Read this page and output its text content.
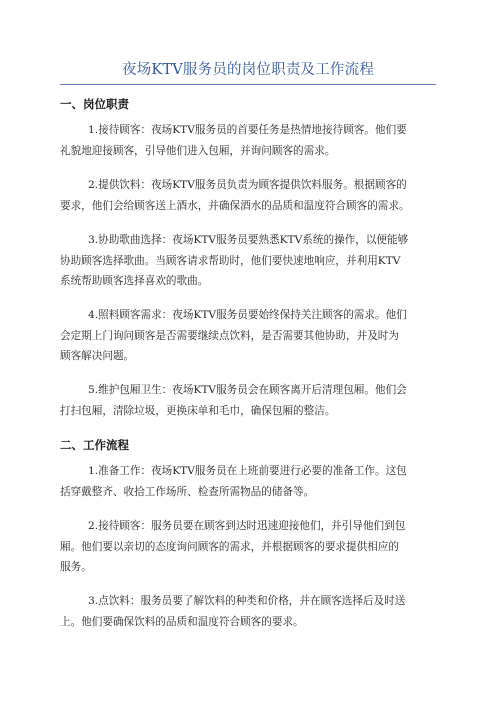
夜场KTV服务员的岗位职责及工作流程
一、岗位职责
1.接待顾客：夜场KTV服务员的首要任务是热情地接待顾客。他们要
礼貌地迎接顾客，引导他们进入包厢，并询问顾客的需求。
2.提供饮料：夜场KTV服务员负责为顾客提供饮料服务。根据顾客的
要求，他们会给顾客送上酒水，并确保酒水的品质和温度符合顾客的需求。
3.协助歌曲选择：夜场KTV服务员要熟悉KTV系统的操作，以便能够
协助顾客选择歌曲。当顾客请求帮助时，他们要快速地响应，并利用KTV
系统帮助顾客选择喜欢的歌曲。
4.照料顾客需求：夜场KTV服务员要始终保持关注顾客的需求。他们
会定期上门询问顾客是否需要继续点饮料，是否需要其他协助，并及时为
顾客解决问题。
5.维护包厢卫生：夜场KTV服务员会在顾客离开后清理包厢。他们会
打扫包厢，清除垃圾，更换床单和毛巾，确保包厢的整洁。
二、工作流程
1.准备工作：夜场KTV服务员在上班前要进行必要的准备工作。这包
括穿戴整齐、收拾工作场所、检查所需物品的储备等。
2.接待顾客：服务员要在顾客到达时迅速迎接他们，并引导他们到包
厢。他们要以亲切的态度询问顾客的需求，并根据顾客的要求提供相应的
服务。
3.点饮料：服务员要了解饮料的种类和价格，并在顾客选择后及时送
上。他们要确保饮料的品质和温度符合顾客的要求。
